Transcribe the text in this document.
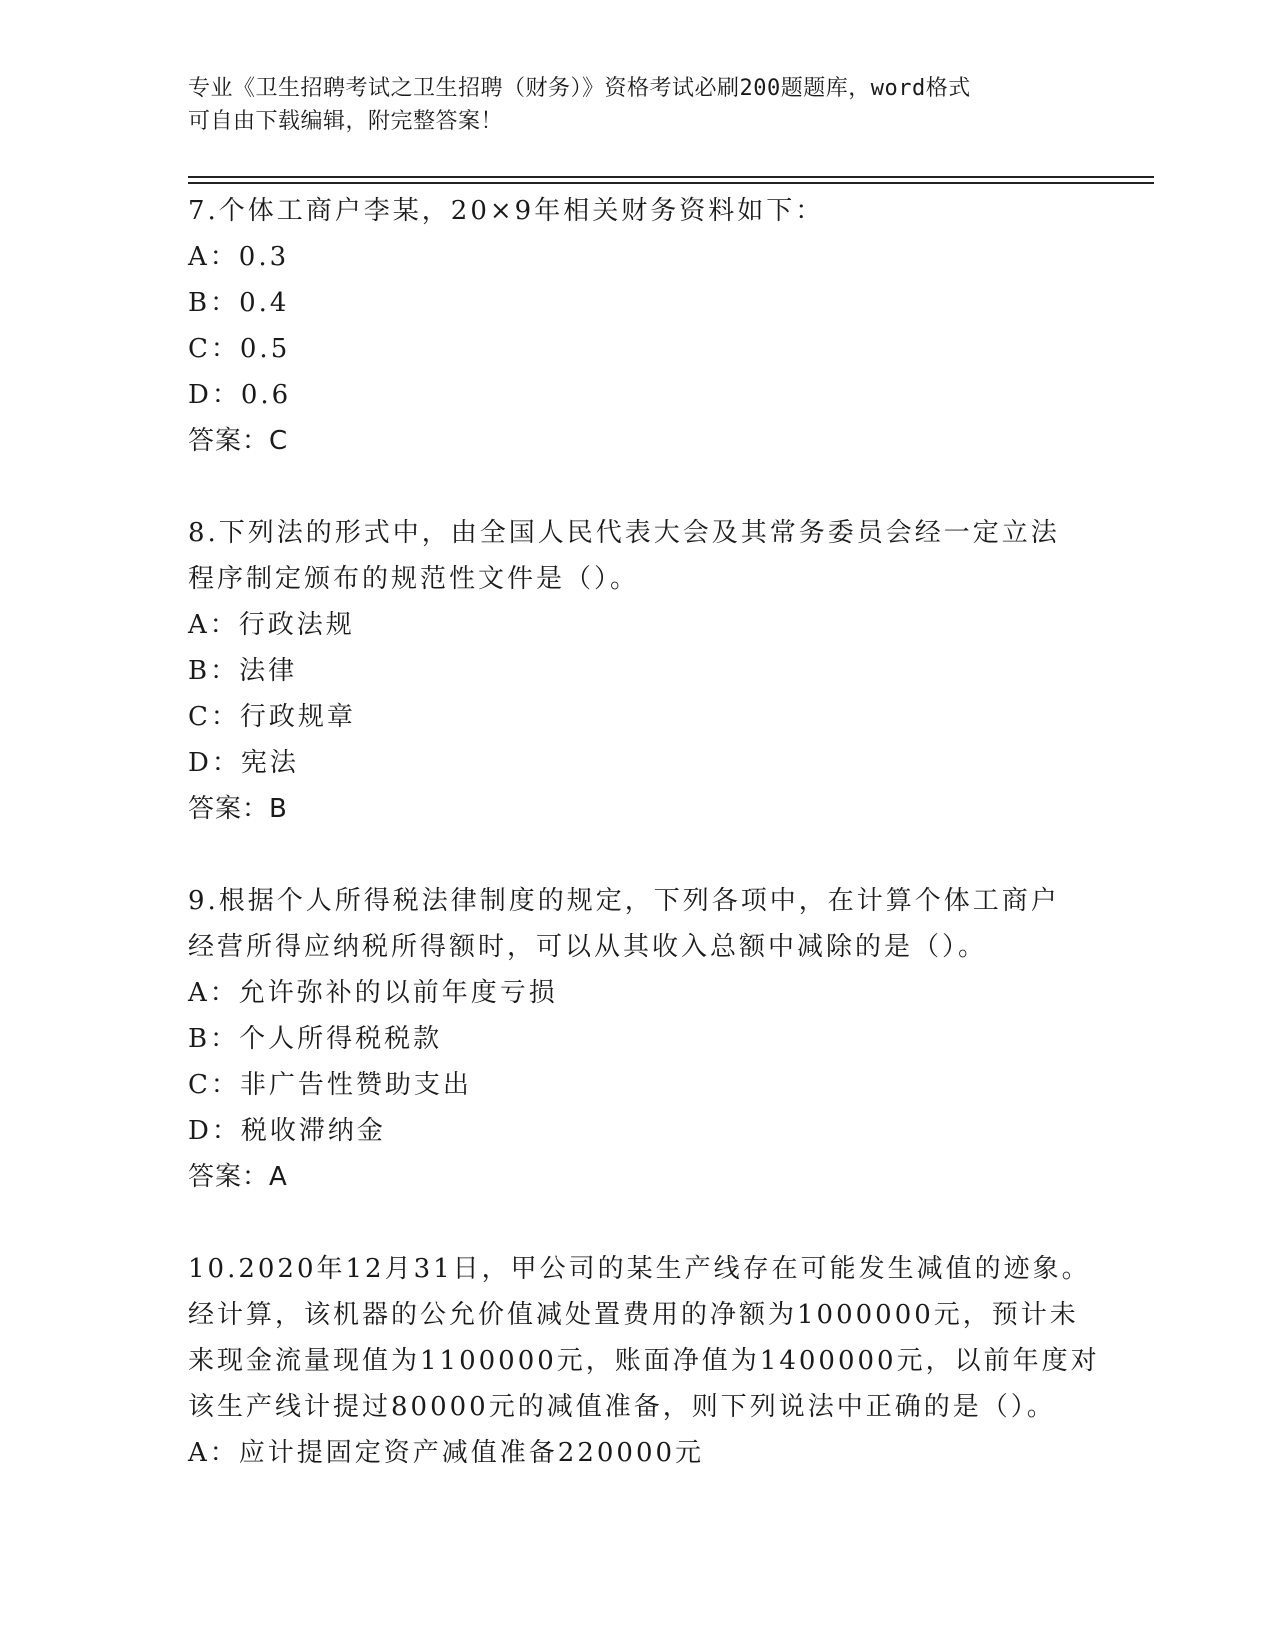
专业《卫生招聘考试之卫生招聘（财务）》资格考试必刷200题题库，word格式
可自由下载编辑，附完整答案！

7.个体工商户李某，20×9年相关财务资料如下：

A：0.3

B：0.4

C：0.5

D：0.6

答案：C

8.下列法的形式中，由全国人民代表大会及其常务委员会经一定立法
程序制定颁布的规范性文件是（）。

A：行政法规

B：法律

C：行政规章

D：宪法

答案：B

9.根据个人所得税法律制度的规定，下列各项中，在计算个体工商户
经营所得应纳税所得额时，可以从其收入总额中减除的是（）。

A：允许弥补的以前年度亏损

B：个人所得税税款

C：非广告性赞助支出

D：税收滞纳金

答案：A

10.2020年12月31日，甲公司的某生产线存在可能发生减值的迹象。
经计算，该机器的公允价值减处置费用的净额为1000000元，预计未
来现金流量现值为1100000元，账面净值为1400000元，以前年度对
该生产线计提过80000元的减值准备，则下列说法中正确的是（）。

A：应计提固定资产减值准备220000元
